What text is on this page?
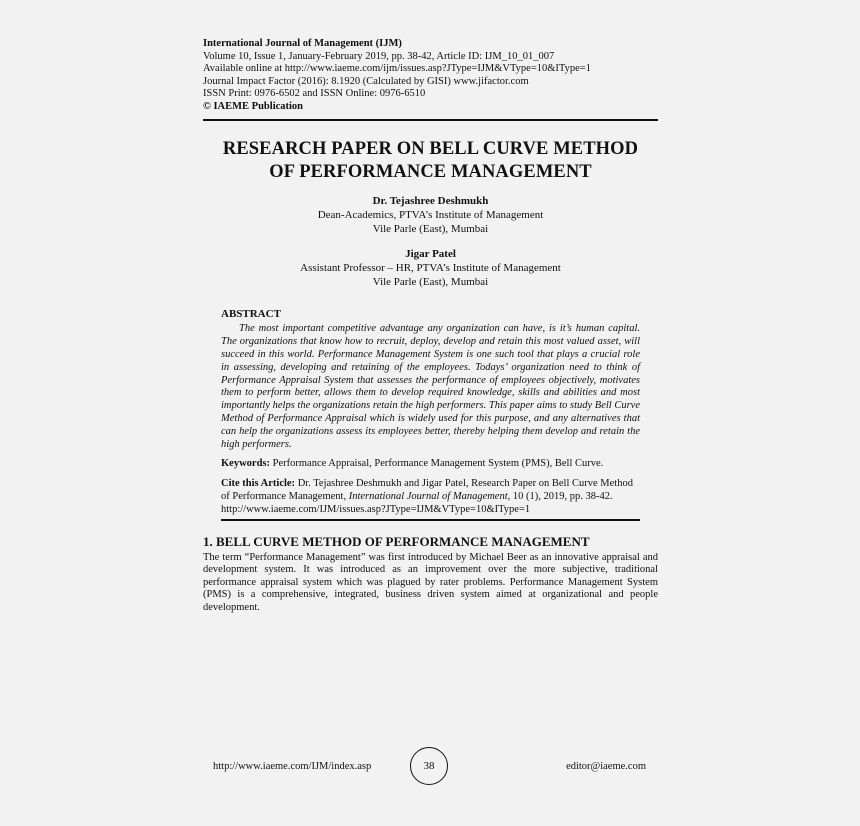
International Journal of Management (IJM)
Volume 10, Issue 1, January-February 2019, pp. 38-42, Article ID: IJM_10_01_007
Available online at http://www.iaeme.com/ijm/issues.asp?JType=IJM&VType=10&IType=1
Journal Impact Factor (2016): 8.1920 (Calculated by GISI) www.jifactor.com
ISSN Print: 0976-6502 and ISSN Online: 0976-6510
© IAEME Publication
RESEARCH PAPER ON BELL CURVE METHOD
OF PERFORMANCE MANAGEMENT
Dr. Tejashree Deshmukh
Dean-Academics, PTVA’s Institute of Management
Vile Parle (East), Mumbai
Jigar Patel
Assistant Professor – HR, PTVA’s Institute of Management
Vile Parle (East), Mumbai
ABSTRACT
The most important competitive advantage any organization can have, is it’s human capital. The organizations that know how to recruit, deploy, develop and retain this most valued asset, will succeed in this world. Performance Management System is one such tool that plays a crucial role in assessing, developing and retaining of the employees. Todays’ organization need to think of Performance Appraisal System that assesses the performance of employees objectively, motivates them to perform better, allows them to develop required knowledge, skills and abilities and most importantly helps the organizations retain the high performers. This paper aims to study Bell Curve Method of Performance Appraisal which is widely used for this purpose, and any alternatives that can help the organizations assess its employees better, thereby helping them develop and retain the high performers.
Keywords: Performance Appraisal, Performance Management System (PMS), Bell Curve.
Cite this Article: Dr. Tejashree Deshmukh and Jigar Patel, Research Paper on Bell Curve Method of Performance Management, International Journal of Management, 10 (1), 2019, pp. 38-42.
http://www.iaeme.com/IJM/issues.asp?JType=IJM&VType=10&IType=1
1. BELL CURVE METHOD OF PERFORMANCE MANAGEMENT
The term “Performance Management” was first introduced by Michael Beer as an innovative appraisal and development system. It was introduced as an improvement over the more subjective, traditional performance appraisal system which was plagued by rater problems. Performance Management System (PMS) is a comprehensive, integrated, business driven system aimed at organizational and people development.
http://www.iaeme.com/IJM/index.asp	38	editor@iaeme.com
